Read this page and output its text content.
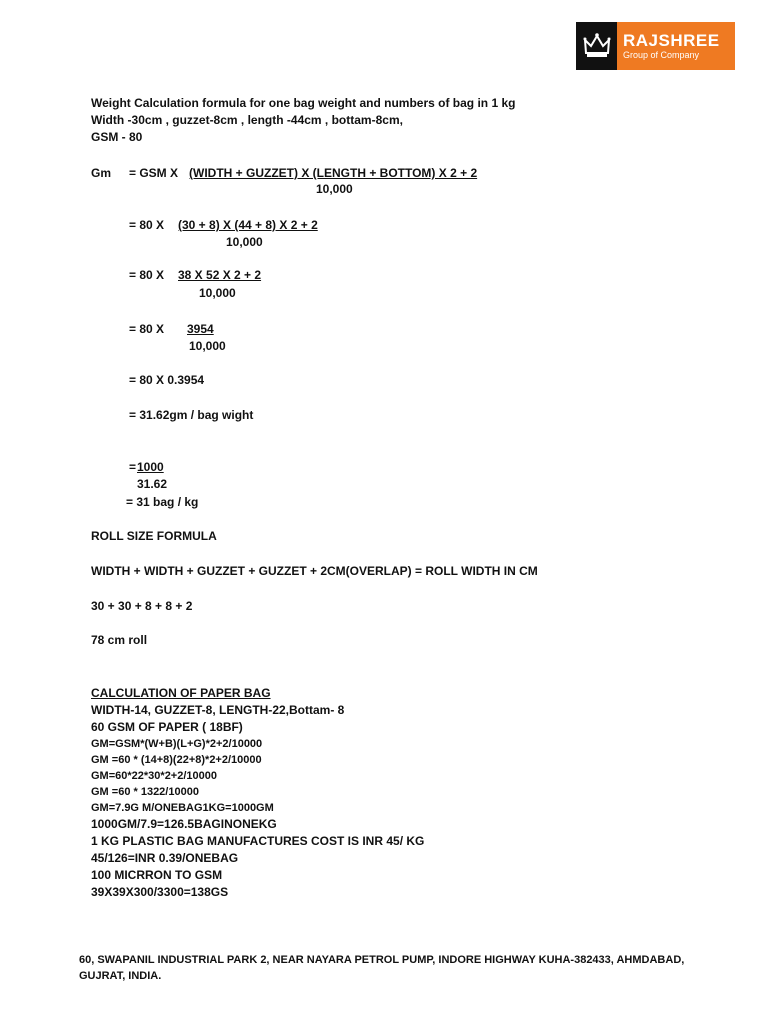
RAJSHREE
Group of Company
Weight Calculation formula for one bag weight and numbers of bag in 1 kg
Width -30cm , guzzet-8cm , length -44cm , bottam-8cm,
GSM - 80
Gm = GSM X (WIDTH + GUZZET) X (LENGTH + BOTTOM) X 2 + 2
10,000
= 80 X (30 + 8) X (44 + 8) X 2 + 2
10,000
= 80 X 38 X 52 X 2 + 2
10,000
= 80 X 3954
10,000
= 80 X 0.3954
= 31.62gm / bag wight
= 1000
31.62
= 31 bag / kg
ROLL SIZE FORMULA
WIDTH + WIDTH + GUZZET + GUZZET + 2CM(OVERLAP) = ROLL WIDTH IN CM
30 + 30 + 8 + 8 + 2
78 cm roll
CALCULATION OF PAPER BAG
WIDTH-14, GUZZET-8, LENGTH-22,Bottam- 8
60 GSM OF PAPER ( 18BF)
GM=GSM*(W+B)(L+G)*2+2/10000
GM =60 * (14+8)(22+8)*2+2/10000
GM=60*22*30*2+2/10000
GM =60 * 1322/10000
GM=7.9G M/ONEBAG1KG=1000GM
1000GM/7.9=126.5BAGINONEKG
1 KG PLASTIC BAG MANUFACTURES COST IS INR 45/ KG
45/126=INR 0.39/ONEBAG
100 MICRRON TO GSM
39X39X300/3300=138GS
60, SWAPANIL INDUSTRIAL PARK 2, NEAR NAYARA PETROL PUMP, INDORE HIGHWAY KUHA-382433, AHMDABAD,
GUJRAT, INDIA.
